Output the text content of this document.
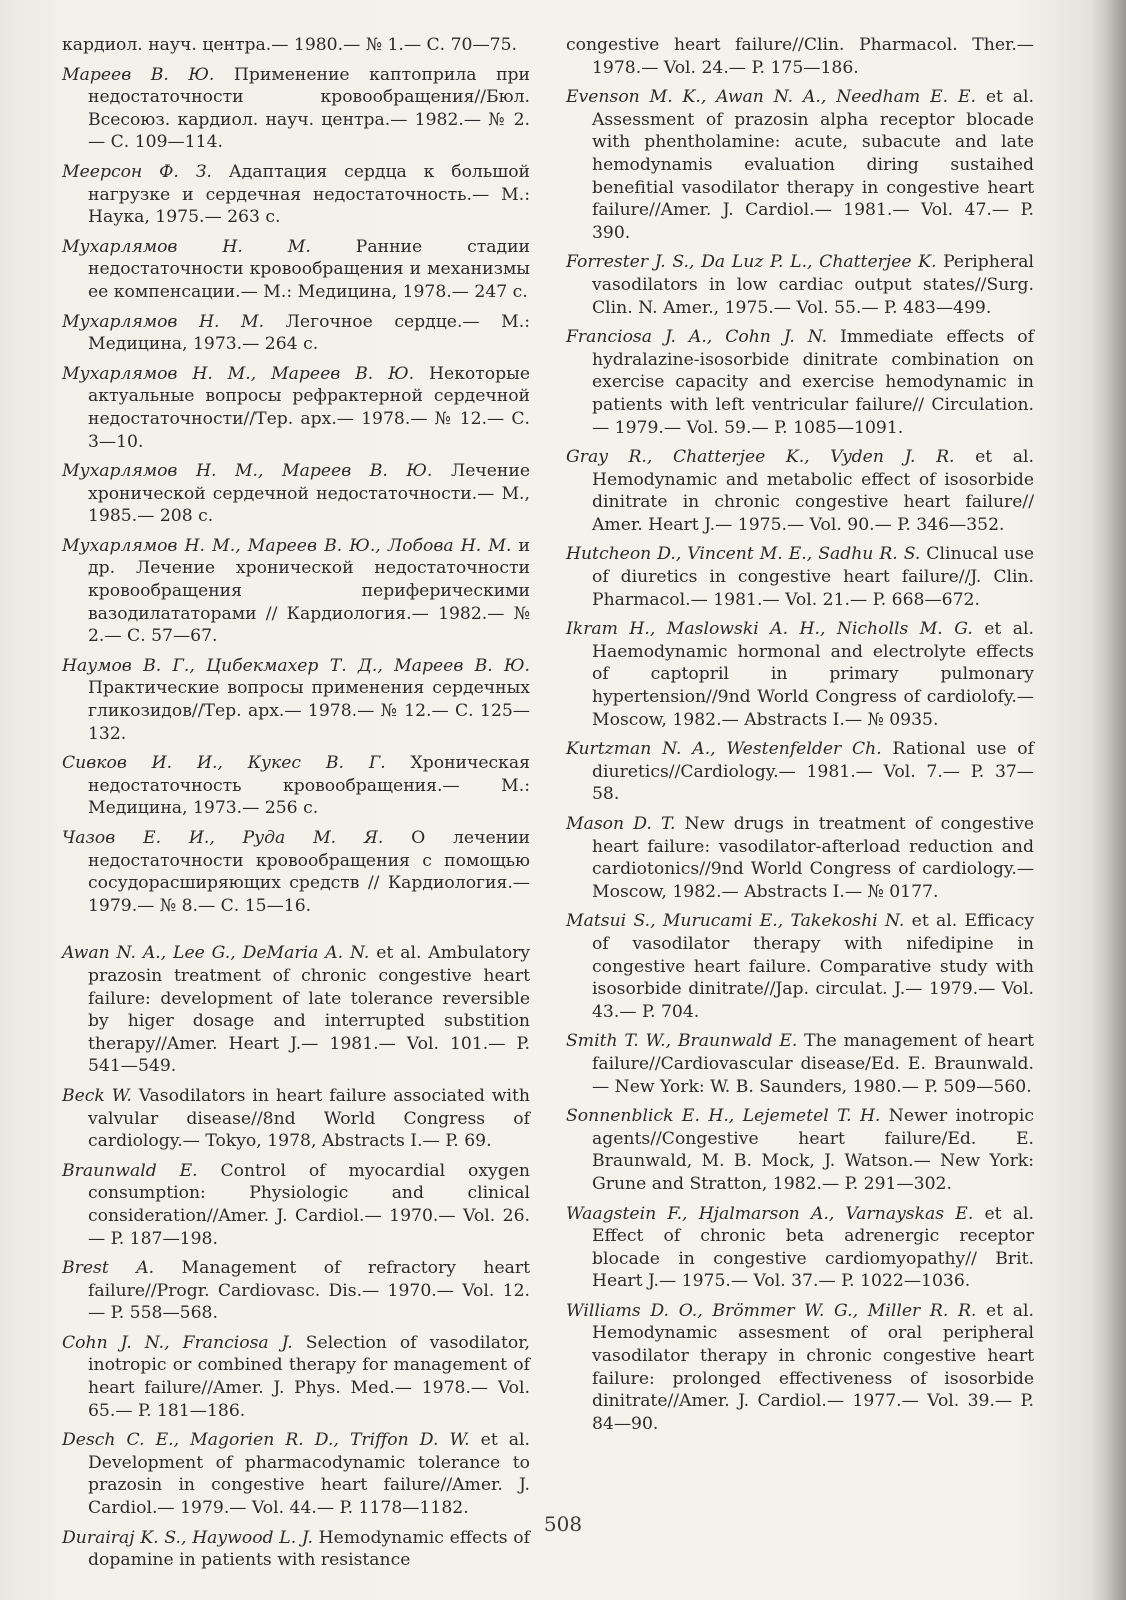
кардиол. науч. центра.— 1980.— № 1.— С. 70—75.

Мареев В. Ю. Применение каптоприла при недостаточности кровообращения//Бюл. Всесоюз. кардиол. науч. центра.— 1982.— № 2.— С. 109—114.

Меерсон Ф. З. Адаптация сердца к большой нагрузке и сердечная недостаточность.— М.: Наука, 1975.— 263 с.

Мухарлямов Н. М. Ранние стадии недостаточности кровообращения и механизмы ее компенсации.— М.: Медицина, 1978.— 247 с.

Мухарлямов Н. М. Легочное сердце.— М.: Медицина, 1973.— 264 с.

Мухарлямов Н. М., Мареев В. Ю. Некоторые актуальные вопросы рефрактерной сердечной недостаточности//Тер. арх.— 1978.— № 12.— С. 3—10.

Мухарлямов Н. М., Мареев В. Ю. Лечение хронической сердечной недостаточности.— М., 1985.— 208 с.

Мухарлямов Н. М., Мареев В. Ю., Лобова Н. М. и др. Лечение хронической недостаточности кровообращения периферическими вазодилататорами // Кардиология.— 1982.— № 2.— С. 57—67.

Наумов В. Г., Цибекмахер Т. Д., Мареев В. Ю. Практические вопросы применения сердечных гликозидов//Тер. арх.— 1978.— № 12.— С. 125—132.

Сивков И. И., Кукес В. Г. Хроническая недостаточность кровообращения.— М.: Медицина, 1973.— 256 с.

Чазов Е. И., Руда М. Я. О лечении недостаточности кровообращения с помощью сосудорасширяющих средств // Кардиология.— 1979.— № 8.— С. 15—16.

Awan N. A., Lee G., DeMaria A. N. et al. Ambulatory prazosin treatment of chronic congestive heart failure: development of late tolerance reversible by higer dosage and interrupted substition therapy//Amer. Heart J.— 1981.— Vol. 101.— P. 541—549.

Beck W. Vasodilators in heart failure associated with valvular disease//8nd World Congress of cardiology.— Tokyo, 1978, Abstracts I.— P. 69.

Braunwald E. Control of myocardial oxygen consumption: Physiologic and clinical consideration//Amer. J. Cardiol.— 1970.— Vol. 26.— P. 187—198.

Brest A. Management of refractory heart failure//Progr. Cardiovasc. Dis.— 1970.— Vol. 12.— P. 558—568.

Cohn J. N., Franciosa J. Selection of vasodilator, inotropic or combined therapy for management of heart failure//Amer. J. Phys. Med.— 1978.— Vol. 65.— P. 181—186.

Desch C. E., Magorien R. D., Triffon D. W. et al. Development of pharmacodynamic tolerance to prazosin in congestive heart failure//Amer. J. Cardiol.— 1979.— Vol. 44.— P. 1178—1182.

Durairaj K. S., Haywood L. J. Hemodynamic effects of dopamine in patients with resistance

congestive heart failure//Clin. Pharmacol. Ther.— 1978.— Vol. 24.— P. 175—186.

Evenson M. K., Awan N. A., Needham E. E. et al. Assessment of prazosin alpha receptor blocade with phentholamine: acute, subacute and late hemodynamis evaluation diring sustaihed benefitial vasodilator therapy in congestive heart failure//Amer. J. Cardiol.— 1981.— Vol. 47.— P. 390.

Forrester J. S., Da Luz P. L., Chatterjee K. Peripheral vasodilators in low cardiac output states//Surg. Clin. N. Amer., 1975.— Vol. 55.— P. 483—499.

Franciosa J. A., Cohn J. N. Immediate effects of hydralazine-isosorbide dinitrate combination on exercise capacity and exercise hemodynamic in patients with left ventricular failure// Circulation.— 1979.— Vol. 59.— P. 1085—1091.

Gray R., Chatterjee K., Vyden J. R. et al. Hemodynamic and metabolic effect of isosorbide dinitrate in chronic congestive heart failure// Amer. Heart J.— 1975.— Vol. 90.— P. 346—352.

Hutcheon D., Vincent M. E., Sadhu R. S. Clinucal use of diuretics in congestive heart failure//J. Clin. Pharmacol.— 1981.— Vol. 21.— P. 668—672.

Ikram H., Maslowski A. H., Nicholls M. G. et al. Haemodynamic hormonal and electrolyte effects of captopril in primary pulmonary hypertension//9nd World Congress of cardiolofy.— Moscow, 1982.— Abstracts I.— № 0935.

Kurtzman N. A., Westenfelder Ch. Rational use of diuretics//Cardiology.— 1981.— Vol. 7.— P. 37—58.

Mason D. T. New drugs in treatment of congestive heart failure: vasodilator-afterload reduction and cardiotonics//9nd World Congress of cardiology.— Moscow, 1982.— Abstracts I.— № 0177.

Matsui S., Murucami E., Takekoshi N. et al. Efficacy of vasodilator therapy with nifedipine in congestive heart failure. Comparative study with isosorbide dinitrate//Jap. circulat. J.— 1979.— Vol. 43.— P. 704.

Smith T. W., Braunwald E. The management of heart failure//Cardiovascular disease/Ed. E. Braunwald.— New York: W. B. Saunders, 1980.— P. 509—560.

Sonnenblick E. H., Lejemetel T. H. Newer inotropic agents//Congestive heart failure/Ed. E. Braunwald, M. B. Mock, J. Watson.— New York: Grune and Stratton, 1982.— P. 291—302.

Waagstein F., Hjalmarson A., Varnayskas E. et al. Effect of chronic beta adrenergic receptor blocade in congestive cardiomyopathy// Brit. Heart J.— 1975.— Vol. 37.— P. 1022—1036.

Williams D. O., Brömmer W. G., Miller R. R. et al. Hemodynamic assesment of oral peripheral vasodilator therapy in chronic congestive heart failure: prolonged effectiveness of isosorbide dinitrate//Amer. J. Cardiol.— 1977.— Vol. 39.— P. 84—90.

508
